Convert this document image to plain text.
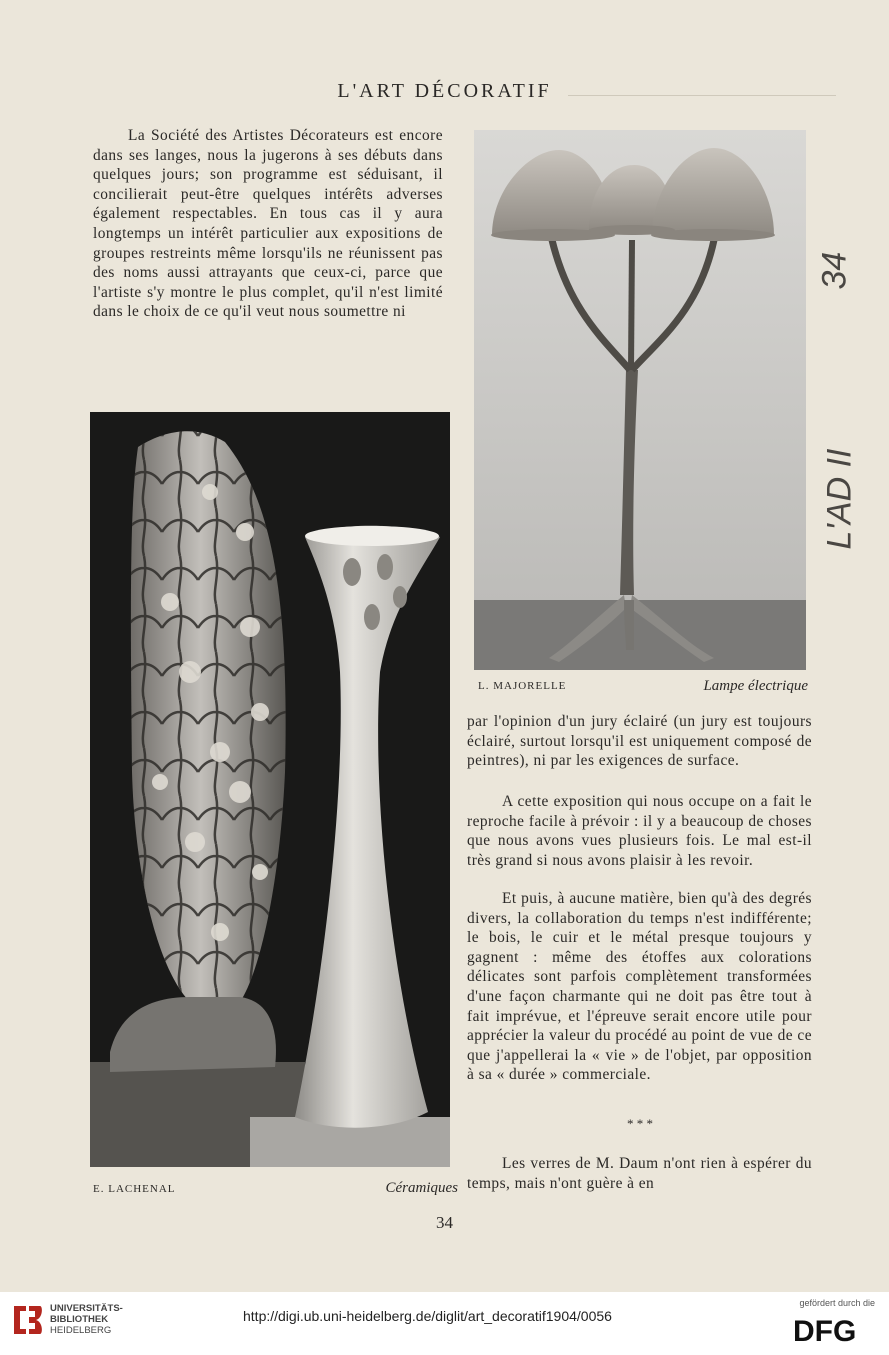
L'ART DÉCORATIF

La Société des Artistes Décorateurs est encore dans ses langes, nous la jugerons à ses débuts dans quelques jours; son programme est séduisant, il concilierait peut-être quelques intérêts adverses également respectables. En tous cas il y aura longtemps un intérêt particulier aux expositions de groupes restreints même lorsqu'ils ne réunissent pas des noms aussi attrayants que ceux-ci, parce que l'artiste s'y montre le plus complet, qu'il n'est limité dans le choix de ce qu'il veut nous soumettre ni

L. MAJORELLE	Lampe électrique
E. LACHENAL	Céramiques

par l'opinion d'un jury éclairé (un jury est toujours éclairé, surtout lorsqu'il est uniquement composé de peintres), ni par les exigences de surface.

A cette exposition qui nous occupe on a fait le reproche facile à prévoir : il y a beaucoup de choses que nous avons vues plusieurs fois. Le mal est-il très grand si nous avons plaisir à les revoir.

Et puis, à aucune matière, bien qu'à des degrés divers, la collaboration du temps n'est indifférente; le bois, le cuir et le métal presque toujours y gagnent : même des étoffes aux colorations délicates sont parfois complètement transformées d'une façon charmante qui ne doit pas être tout à fait imprévue, et l'épreuve serait encore utile pour apprécier la valeur du procédé au point de vue de ce que j'appellerai la « vie » de l'objet, par opposition à sa « durée » commerciale.

* * *

Les verres de M. Daum n'ont rien à espérer du temps, mais n'ont guère à en

34
34
L'AD II
UNIVERSITÄTS-
BIBLIOTHEK
HEIDELBERG
http://digi.ub.uni-heidelberg.de/diglit/art_decoratif1904/0056
gefördert durch die
DFG
